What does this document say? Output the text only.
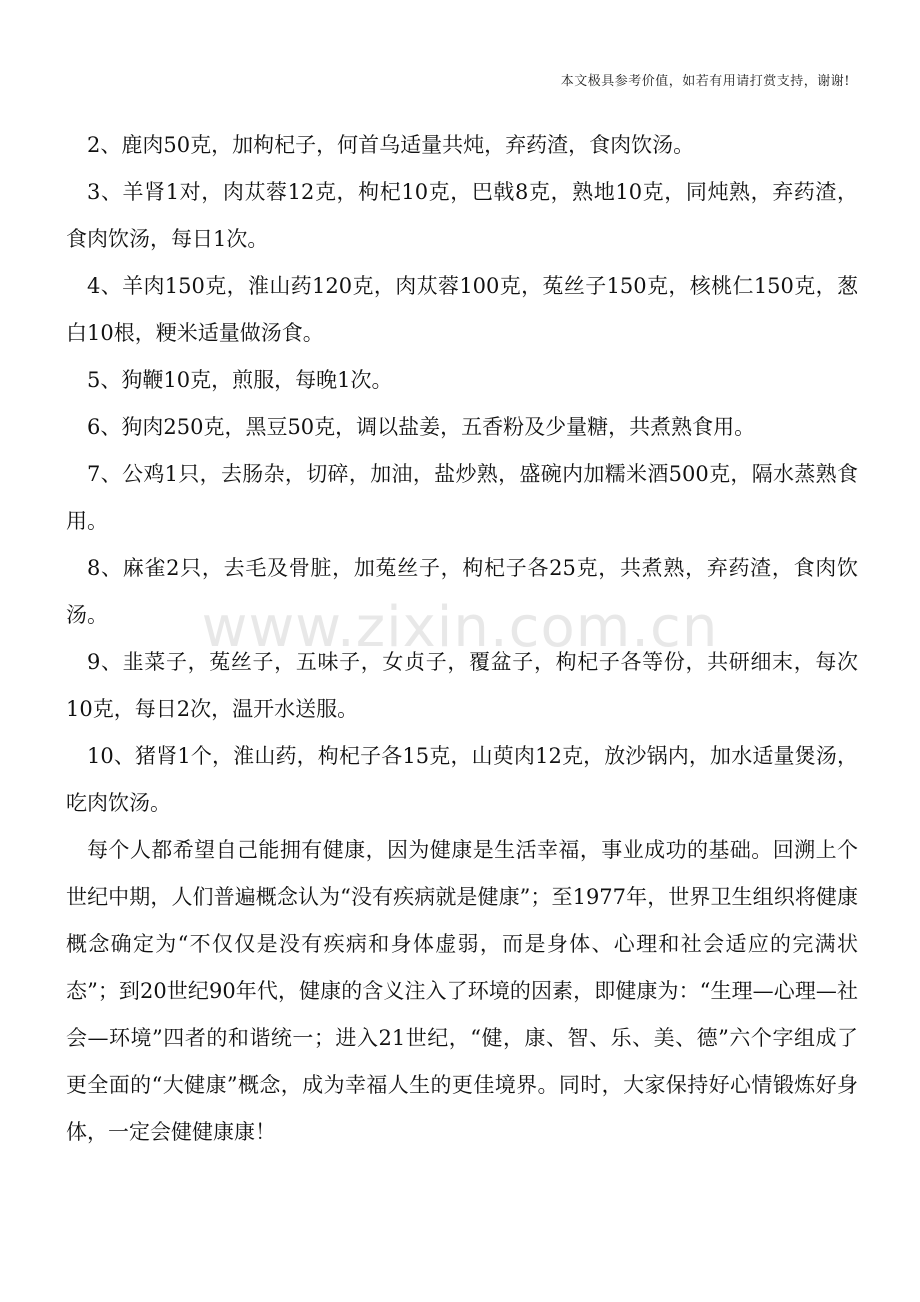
本文极具参考价值，如若有用请打赏支持，谢谢!

2、鹿肉50克，加枸杞子，何首乌适量共炖，弃药渣，食肉饮汤。

3、羊肾1对，肉苁蓉12克，枸杞10克，巴戟8克，熟地10克，同炖熟，弃药渣，食肉饮汤，每日1次。

4、羊肉150克，淮山药120克，肉苁蓉100克，菟丝子150克，核桃仁150克，葱白10根，粳米适量做汤食。

5、狗鞭10克，煎服，每晚1次。

6、狗肉250克，黑豆50克，调以盐姜，五香粉及少量糖，共煮熟食用。

7、公鸡1只，去肠杂，切碎，加油，盐炒熟，盛碗内加糯米酒500克，隔水蒸熟食用。

8、麻雀2只，去毛及骨脏，加菟丝子，枸杞子各25克，共煮熟，弃药渣，食肉饮汤。

9、韭菜子，菟丝子，五味子，女贞子，覆盆子，枸杞子各等份，共研细末，每次10克，每日2次，温开水送服。

10、猪肾1个，淮山药，枸杞子各15克，山萸肉12克，放沙锅内，加水适量煲汤，吃肉饮汤。

每个人都希望自己能拥有健康，因为健康是生活幸福，事业成功的基础。回溯上个世纪中期，人们普遍概念认为“没有疾病就是健康”；至1977年，世界卫生组织将健康概念确定为“不仅仅是没有疾病和身体虚弱，而是身体、心理和社会适应的完满状态”；到20世纪90年代，健康的含义注入了环境的因素，即健康为：“生理—心理—社会—环境”四者的和谐统一；进入21世纪，“健，康、智、乐、美、德”六个字组成了更全面的“大健康”概念，成为幸福人生的更佳境界。同时，大家保持好心情锻炼好身体，一定会健健康康！

www.zixin.com.cn
